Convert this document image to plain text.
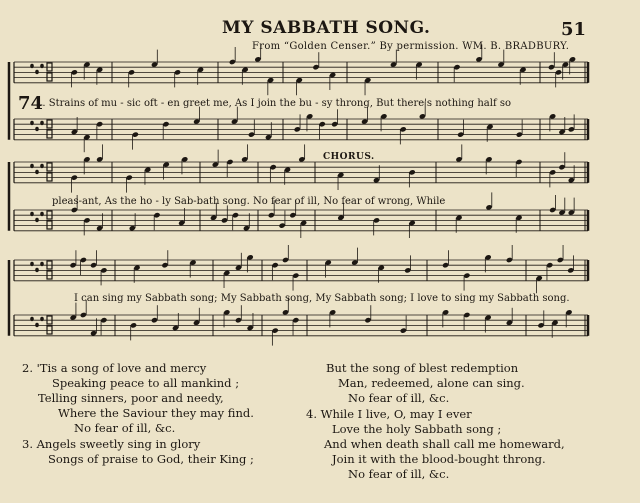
MY SABBATH SONG.	51
From “Golden Censer.” By permission. WM. B. BRADBURY.
74
CHORUS.
1. Strains of mu - sic oft - en greet me, As I join the bu - sy throng, But there's nothing half so
pleas-ant, As the ho - ly Sab-bath song. No fear of ill, No fear of wrong, While
I can sing my Sabbath song; My Sabbath song, My Sabbath song; I love to sing my Sabbath song.
2. 'Tis a song of love and mercy
Speaking peace to all mankind ;
Telling sinners, poor and needy,
Where the Saviour they may find.
No fear of ill, &c.
3. Angels sweetly sing in glory
Songs of praise to God, their King ;
But the song of blest redemption
Man, redeemed, alone can sing.
No fear of ill, &c.
4. While I live, O, may I ever
Love the holy Sabbath song ;
And when death shall call me homeward,
Join it with the blood-bought throng.
No fear of ill, &c.
